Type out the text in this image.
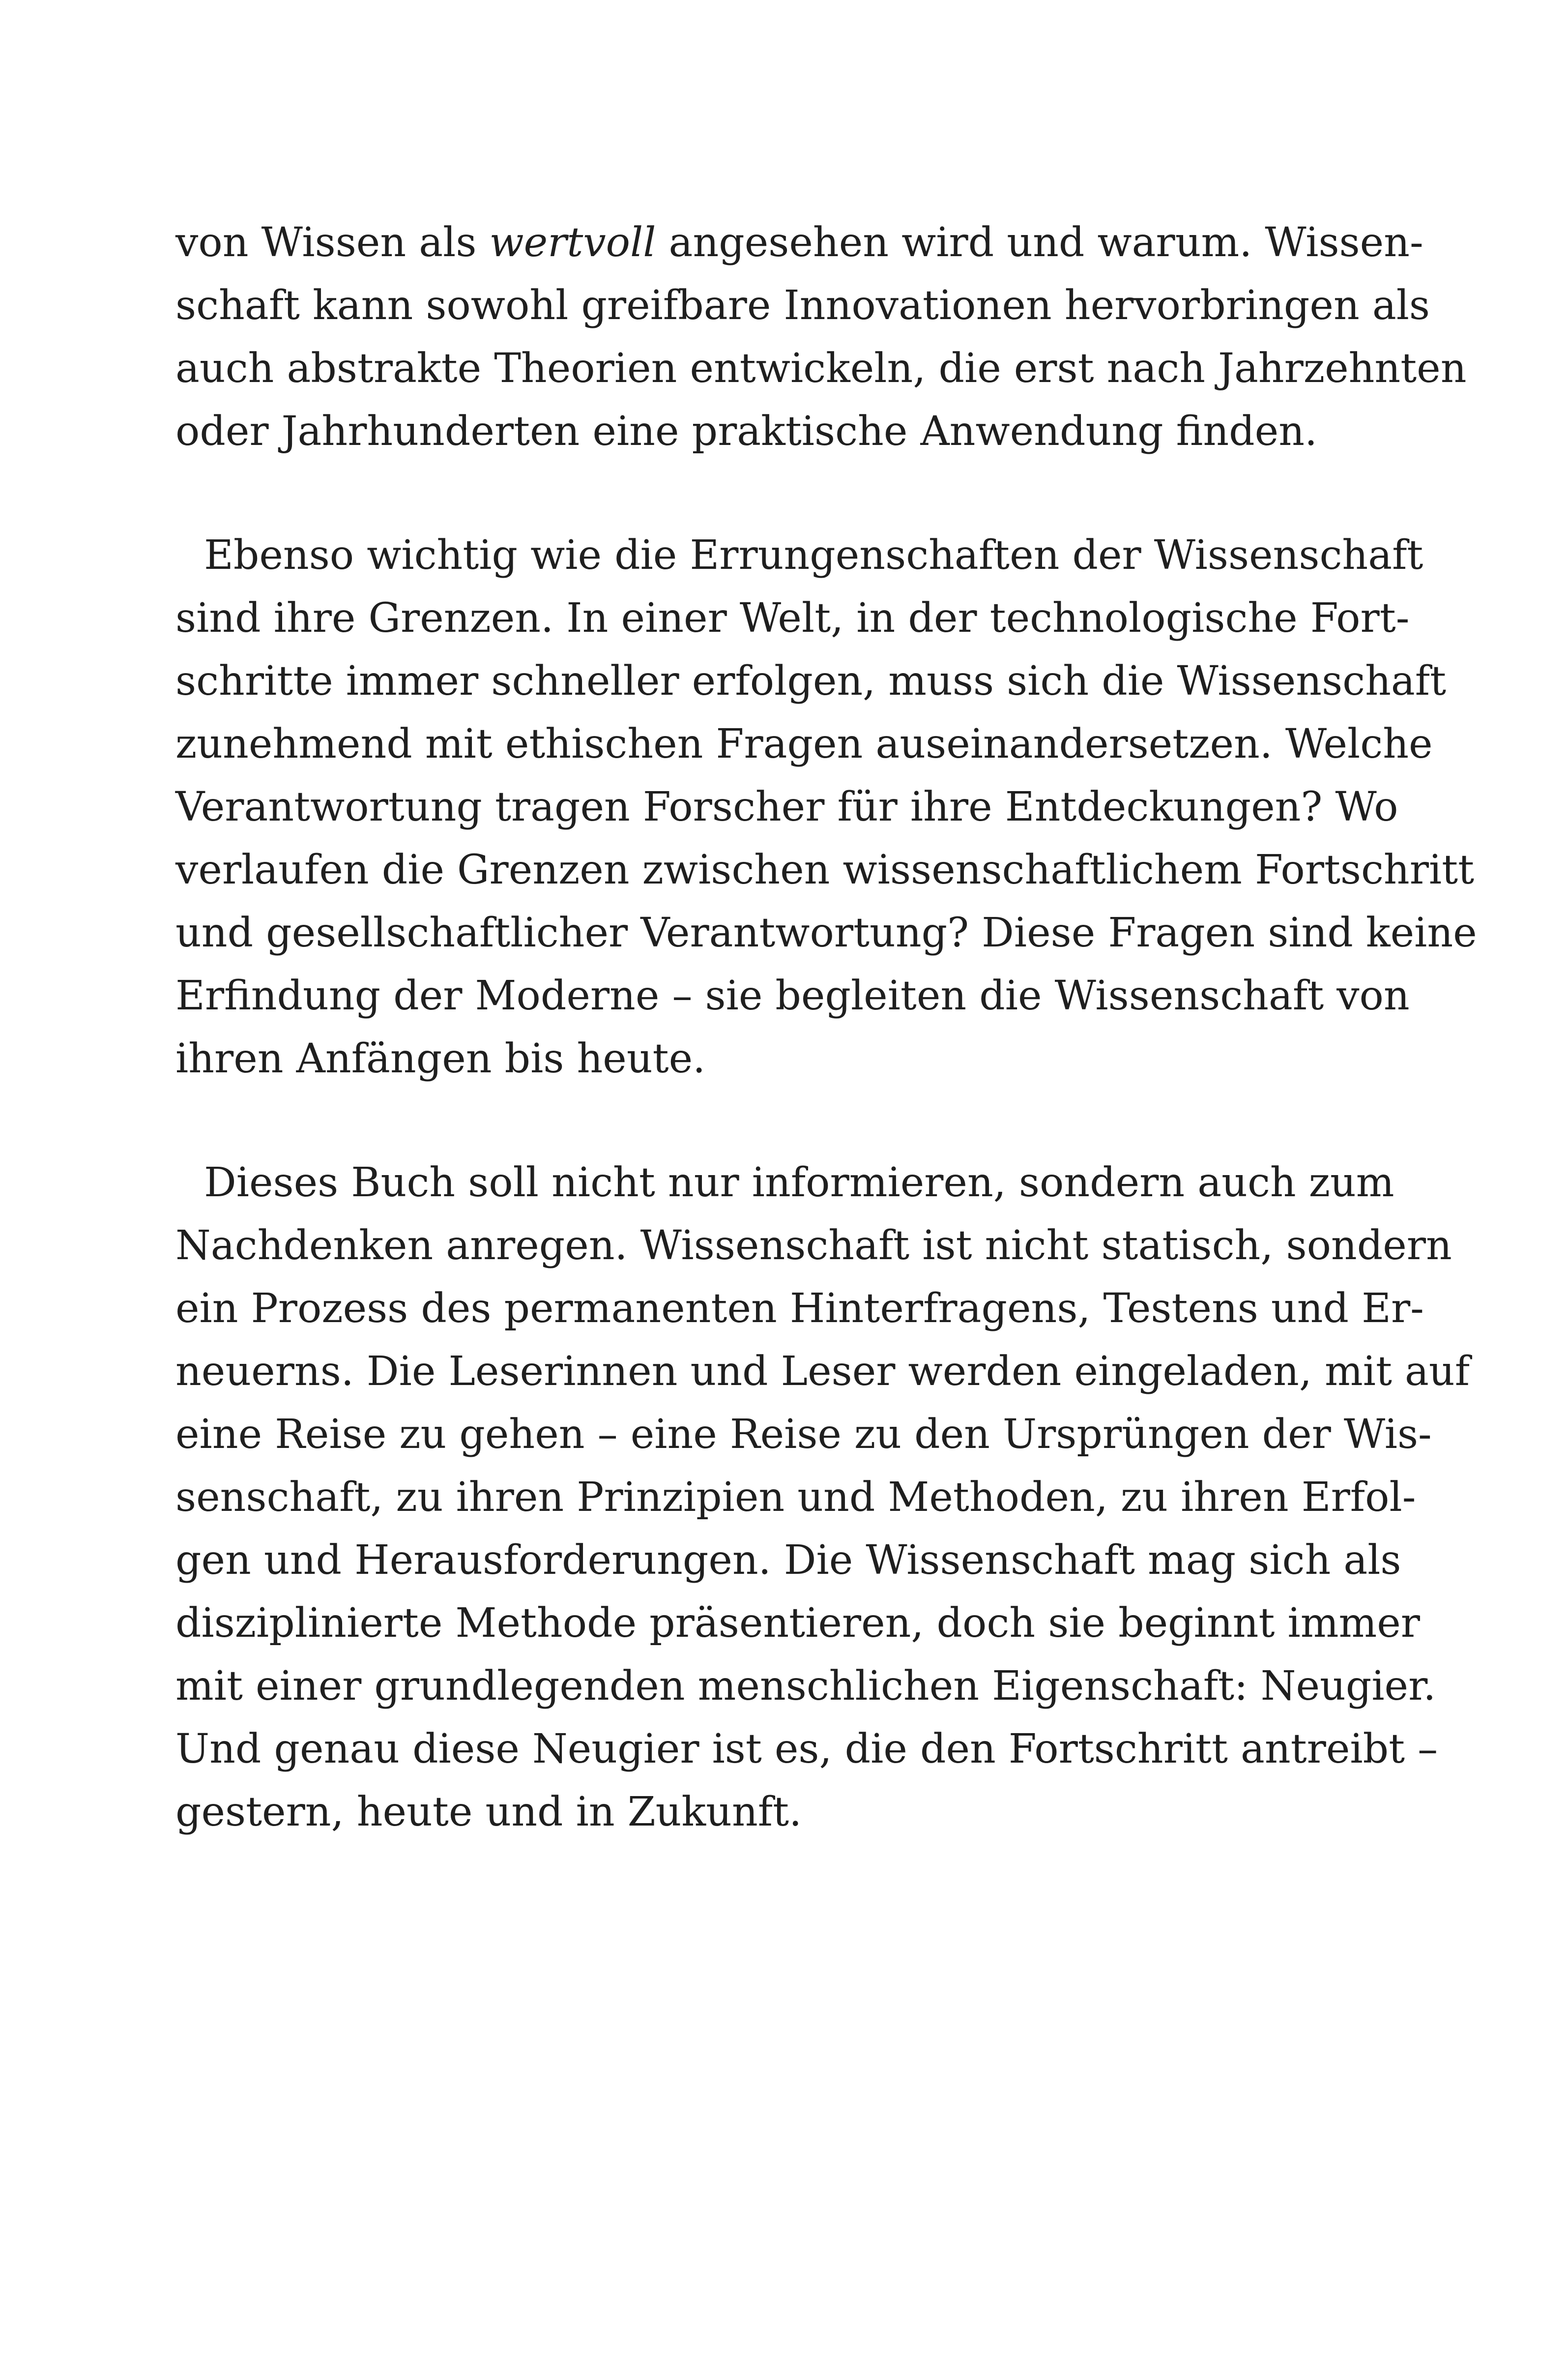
von Wissen als wertvoll angesehen wird und warum. Wissen-
schaft kann sowohl greifbare Innovationen hervorbringen als
auch abstrakte Theorien entwickeln, die erst nach Jahrzehnten
oder Jahrhunderten eine praktische Anwendung finden.
Ebenso wichtig wie die Errungenschaften der Wissenschaft
sind ihre Grenzen. In einer Welt, in der technologische Fort-
schritte immer schneller erfolgen, muss sich die Wissenschaft
zunehmend mit ethischen Fragen auseinandersetzen. Welche
Verantwortung tragen Forscher für ihre Entdeckungen? Wo
verlaufen die Grenzen zwischen wissenschaftlichem Fortschritt
und gesellschaftlicher Verantwortung? Diese Fragen sind keine
Erfindung der Moderne – sie begleiten die Wissenschaft von
ihren Anfängen bis heute.
Dieses Buch soll nicht nur informieren, sondern auch zum
Nachdenken anregen. Wissenschaft ist nicht statisch, sondern
ein Prozess des permanenten Hinterfragens, Testens und Er-
neuerns. Die Leserinnen und Leser werden eingeladen, mit auf
eine Reise zu gehen – eine Reise zu den Ursprüngen der Wis-
senschaft, zu ihren Prinzipien und Methoden, zu ihren Erfol-
gen und Herausforderungen. Die Wissenschaft mag sich als
disziplinierte Methode präsentieren, doch sie beginnt immer
mit einer grundlegenden menschlichen Eigenschaft: Neugier.
Und genau diese Neugier ist es, die den Fortschritt antreibt –
gestern, heute und in Zukunft.
